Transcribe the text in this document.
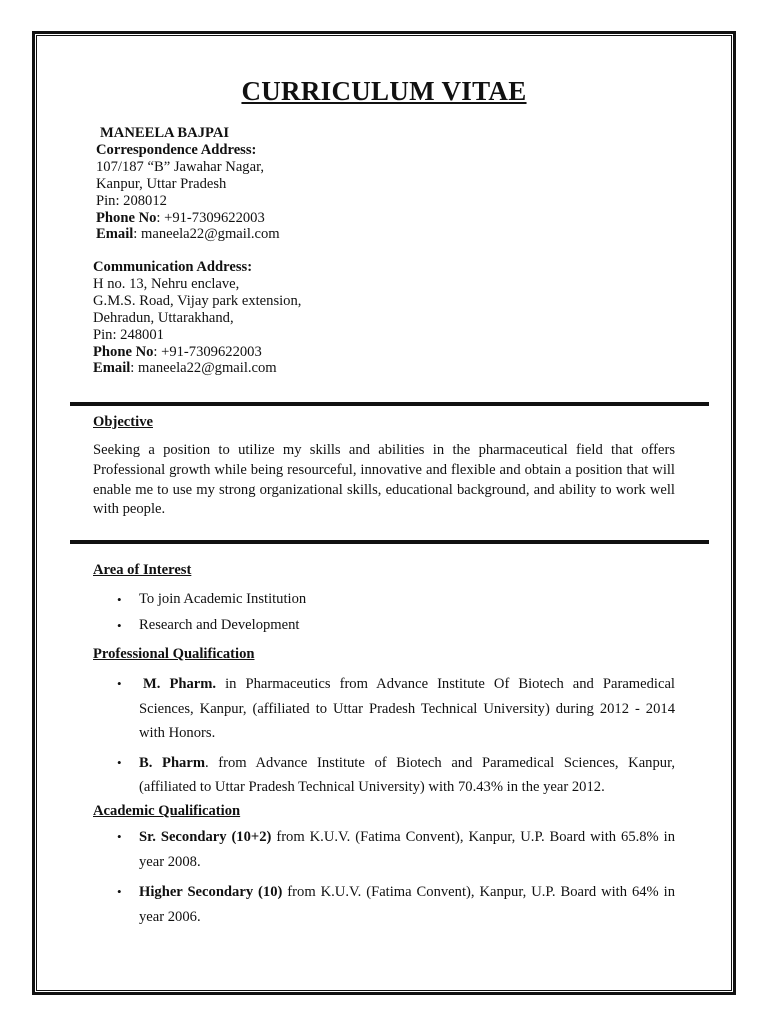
CURRICULUM VITAE
MANEELA BAJPAI
Correspondence Address:
107/187 “B” Jawahar Nagar,
Kanpur, Uttar Pradesh
Pin: 208012
Phone No: +91-7309622003
Email: maneela22@gmail.com
Communication Address:
H no. 13, Nehru enclave,
G.M.S. Road, Vijay park extension,
Dehradun, Uttarakhand,
Pin: 248001
Phone No: +91-7309622003
Email: maneela22@gmail.com
Objective

Seeking a position to utilize my skills and abilities in the pharmaceutical field that offers Professional growth while being resourceful, innovative and flexible and obtain a position that will enable me to use my strong organizational skills, educational background, and ability to work well with people.

Area of Interest
• To join Academic Institution
• Research and Development
Professional Qualification
• M. Pharm. in Pharmaceutics from Advance Institute Of Biotech and Paramedical Sciences, Kanpur, (affiliated to Uttar Pradesh Technical University) during 2012 - 2014 with Honors.
• B. Pharm. from Advance Institute of Biotech and Paramedical Sciences, Kanpur, (affiliated to Uttar Pradesh Technical University) with 70.43% in the year 2012.
Academic Qualification
• Sr. Secondary (10+2) from K.U.V. (Fatima Convent), Kanpur, U.P. Board with 65.8% in year 2008.
• Higher Secondary (10) from K.U.V. (Fatima Convent), Kanpur, U.P. Board with 64% in year 2006.
